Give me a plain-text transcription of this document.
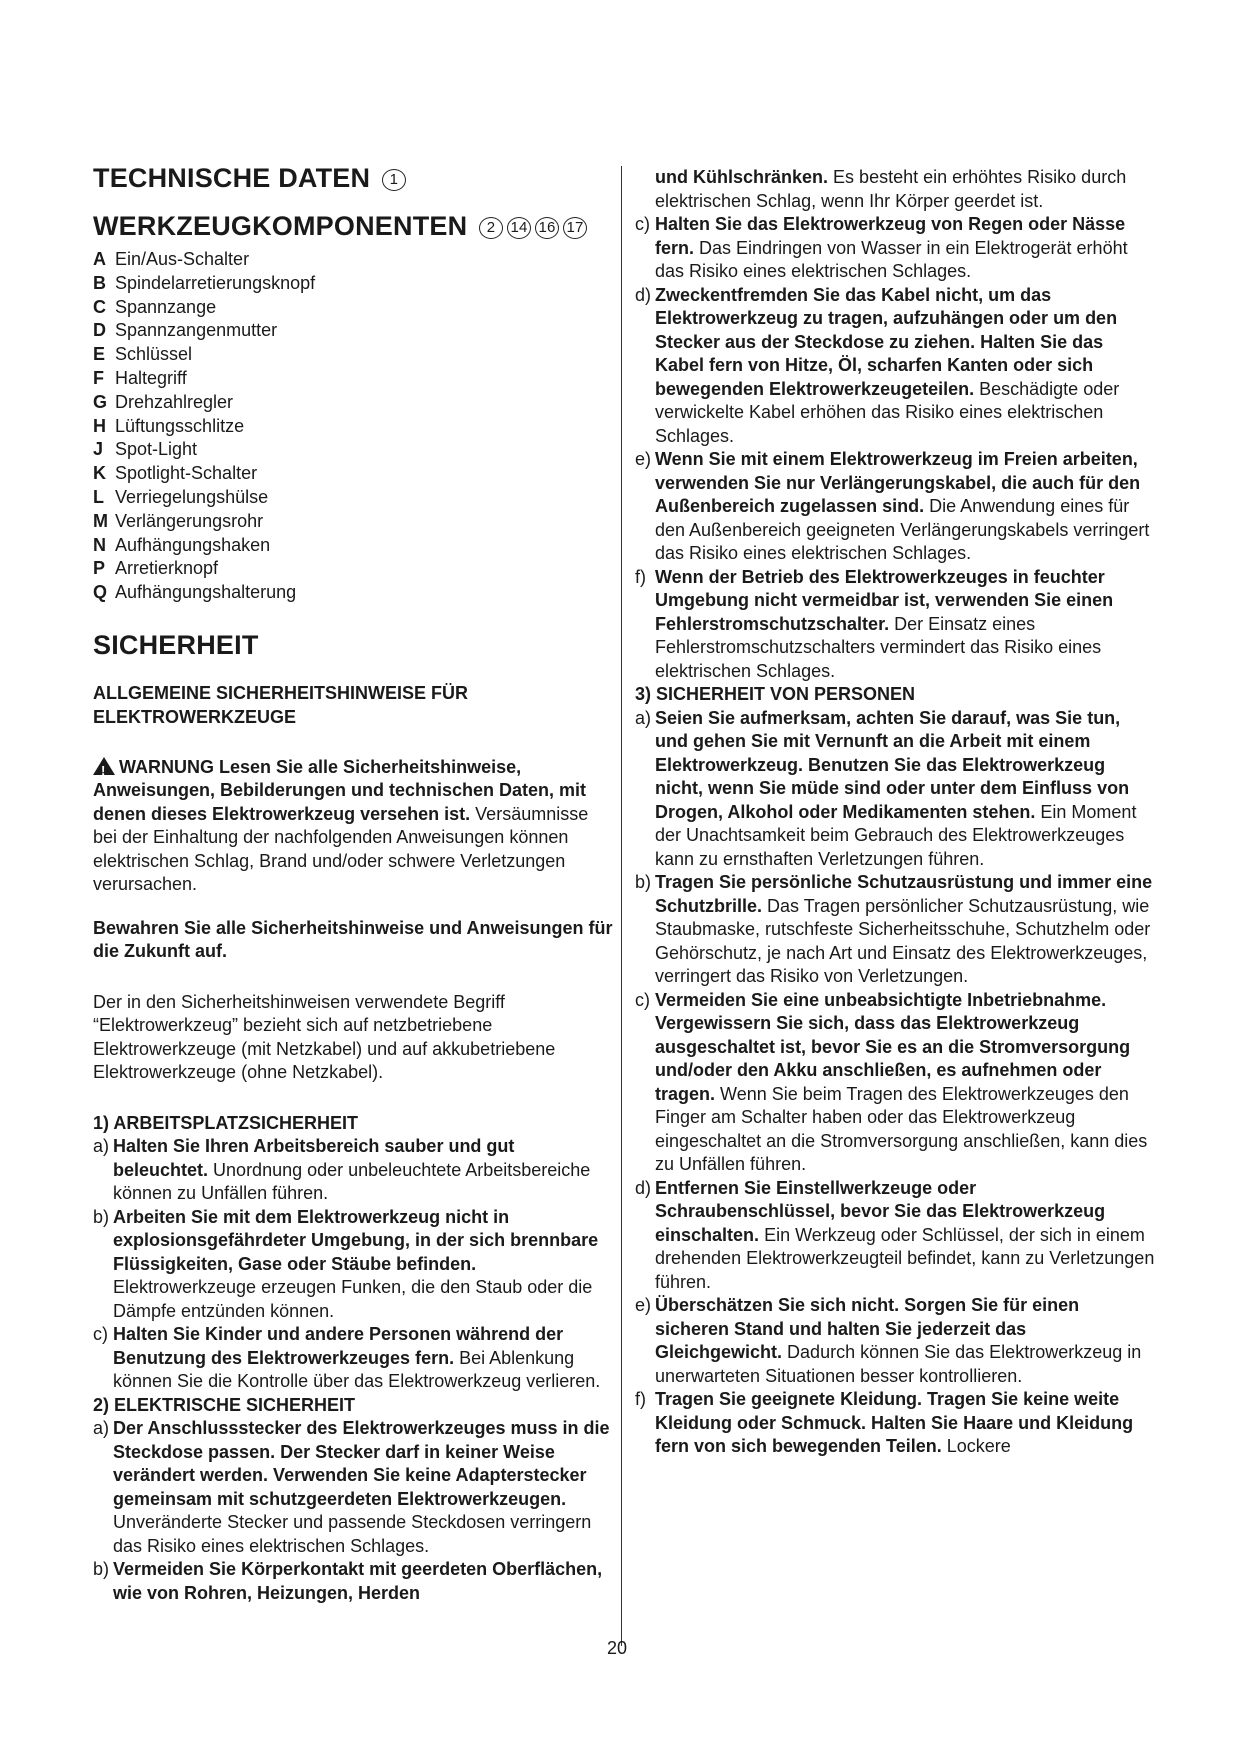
TECHNISCHE DATEN 1
WERKZEUGKOMPONENTEN 2 14 16 17
A Ein/Aus-Schalter
B Spindelarretierungsknopf
C Spannzange
D Spannzangenmutter
E Schlüssel
F Haltegriff
G Drehzahlregler
H Lüftungsschlitze
J Spot-Light
K Spotlight-Schalter
L Verriegelungshülse
M Verlängerungsrohr
N Aufhängungshaken
P Arretierknopf
Q Aufhängungshalterung
SICHERHEIT
ALLGEMEINE SICHERHEITSHINWEISE FÜR ELEKTROWERKZEUGE

!WARNUNG Lesen Sie alle Sicherheitshinweise, Anweisungen, Bebilderungen und technischen Daten, mit denen dieses Elektrowerkzeug versehen ist. Versäumnisse bei der Einhaltung der nachfolgenden Anweisungen können elektrischen Schlag, Brand und/oder schwere Verletzungen verursachen.

Bewahren Sie alle Sicherheitshinweise und Anweisungen für die Zukunft auf.

Der in den Sicherheitshinweisen verwendete Begriff “Elektrowerkzeug” bezieht sich auf netzbetriebene Elektrowerkzeuge (mit Netzkabel) und auf akkubetriebene Elektrowerkzeuge (ohne Netzkabel).

1) ARBEITSPLATZSICHERHEIT
a) Halten Sie Ihren Arbeitsbereich sauber und gut beleuchtet. Unordnung oder unbeleuchtete Arbeitsbereiche können zu Unfällen führen.
b) Arbeiten Sie mit dem Elektrowerkzeug nicht in explosionsgefährdeter Umgebung, in der sich brennbare Flüssigkeiten, Gase oder Stäube befinden. Elektrowerkzeuge erzeugen Funken, die den Staub oder die Dämpfe entzünden können.
c) Halten Sie Kinder und andere Personen während der Benutzung des Elektrowerkzeuges fern. Bei Ablenkung können Sie die Kontrolle über das Elektrowerkzeug verlieren.
2) ELEKTRISCHE SICHERHEIT
a) Der Anschlussstecker des Elektrowerkzeuges muss in die Steckdose passen. Der Stecker darf in keiner Weise verändert werden. Verwenden Sie keine Adapterstecker gemeinsam mit schutzgeerdeten Elektrowerkzeugen. Unveränderte Stecker und passende Steckdosen verringern das Risiko eines elektrischen Schlages.
b) Vermeiden Sie Körperkontakt mit geerdeten Oberflächen, wie von Rohren, Heizungen, Herden
und Kühlschränken. Es besteht ein erhöhtes Risiko durch elektrischen Schlag, wenn Ihr Körper geerdet ist.
c) Halten Sie das Elektrowerkzeug von Regen oder Nässe fern. Das Eindringen von Wasser in ein Elektrogerät erhöht das Risiko eines elektrischen Schlages.
d) Zweckentfremden Sie das Kabel nicht, um das Elektrowerkzeug zu tragen, aufzuhängen oder um den Stecker aus der Steckdose zu ziehen. Halten Sie das Kabel fern von Hitze, Öl, scharfen Kanten oder sich bewegenden Elektrowerkzeugeteilen. Beschädigte oder verwickelte Kabel erhöhen das Risiko eines elektrischen Schlages.
e) Wenn Sie mit einem Elektrowerkzeug im Freien arbeiten, verwenden Sie nur Verlängerungskabel, die auch für den Außenbereich zugelassen sind. Die Anwendung eines für den Außenbereich geeigneten Verlängerungskabels verringert das Risiko eines elektrischen Schlages.
f) Wenn der Betrieb des Elektrowerkzeuges in feuchter Umgebung nicht vermeidbar ist, verwenden Sie einen Fehlerstromschutzschalter. Der Einsatz eines Fehlerstromschutzschalters vermindert das Risiko eines elektrischen Schlages.
3) SICHERHEIT VON PERSONEN
a) Seien Sie aufmerksam, achten Sie darauf, was Sie tun, und gehen Sie mit Vernunft an die Arbeit mit einem Elektrowerkzeug. Benutzen Sie das Elektrowerkzeug nicht, wenn Sie müde sind oder unter dem Einfluss von Drogen, Alkohol oder Medikamenten stehen. Ein Moment der Unachtsamkeit beim Gebrauch des Elektrowerkzeuges kann zu ernsthaften Verletzungen führen.
b) Tragen Sie persönliche Schutzausrüstung und immer eine Schutzbrille. Das Tragen persönlicher Schutzausrüstung, wie Staubmaske, rutschfeste Sicherheitsschuhe, Schutzhelm oder Gehörschutz, je nach Art und Einsatz des Elektrowerkzeuges, verringert das Risiko von Verletzungen.
c) Vermeiden Sie eine unbeabsichtigte Inbetriebnahme. Vergewissern Sie sich, dass das Elektrowerkzeug ausgeschaltet ist, bevor Sie es an die Stromversorgung und/oder den Akku anschließen, es aufnehmen oder tragen. Wenn Sie beim Tragen des Elektrowerkzeuges den Finger am Schalter haben oder das Elektrowerkzeug eingeschaltet an die Stromversorgung anschließen, kann dies zu Unfällen führen.
d) Entfernen Sie Einstellwerkzeuge oder Schraubenschlüssel, bevor Sie das Elektrowerkzeug einschalten. Ein Werkzeug oder Schlüssel, der sich in einem drehenden Elektrowerkzeugteil befindet, kann zu Verletzungen führen.
e) Überschätzen Sie sich nicht. Sorgen Sie für einen sicheren Stand und halten Sie jederzeit das Gleichgewicht. Dadurch können Sie das Elektrowerkzeug in unerwarteten Situationen besser kontrollieren.
f) Tragen Sie geeignete Kleidung. Tragen Sie keine weite Kleidung oder Schmuck. Halten Sie Haare und Kleidung fern von sich bewegenden Teilen. Lockere
20
